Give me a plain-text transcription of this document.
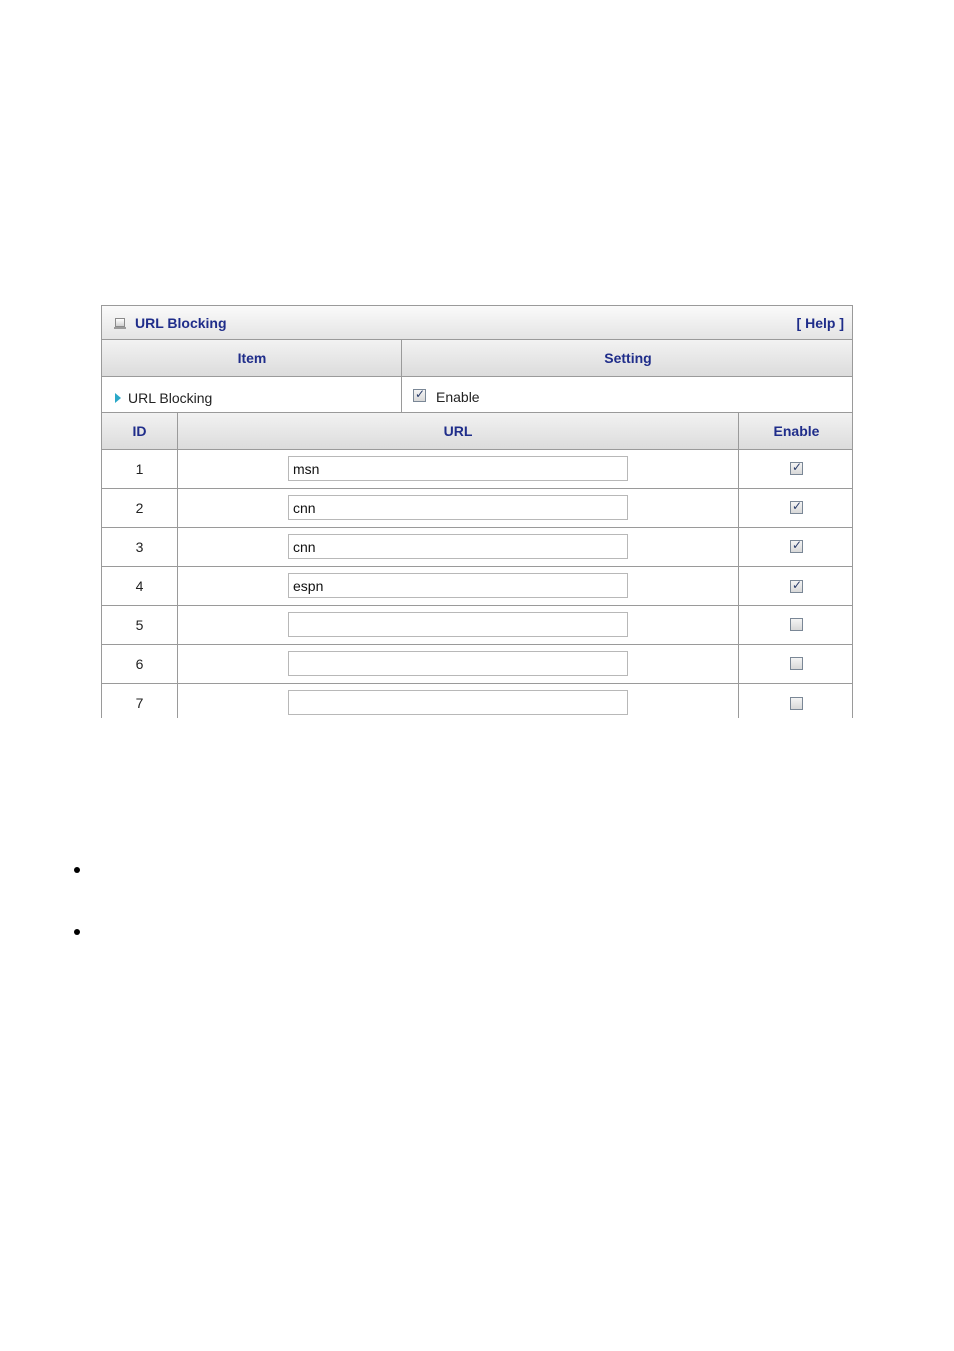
URL Blocking	[ Help ]
Item	Setting
URL Blocking
✓	Enable
ID	URL	Enable
1
msn
✓
2
cnn
✓
3
cnn
✓
4
espn
✓
5
6
7
